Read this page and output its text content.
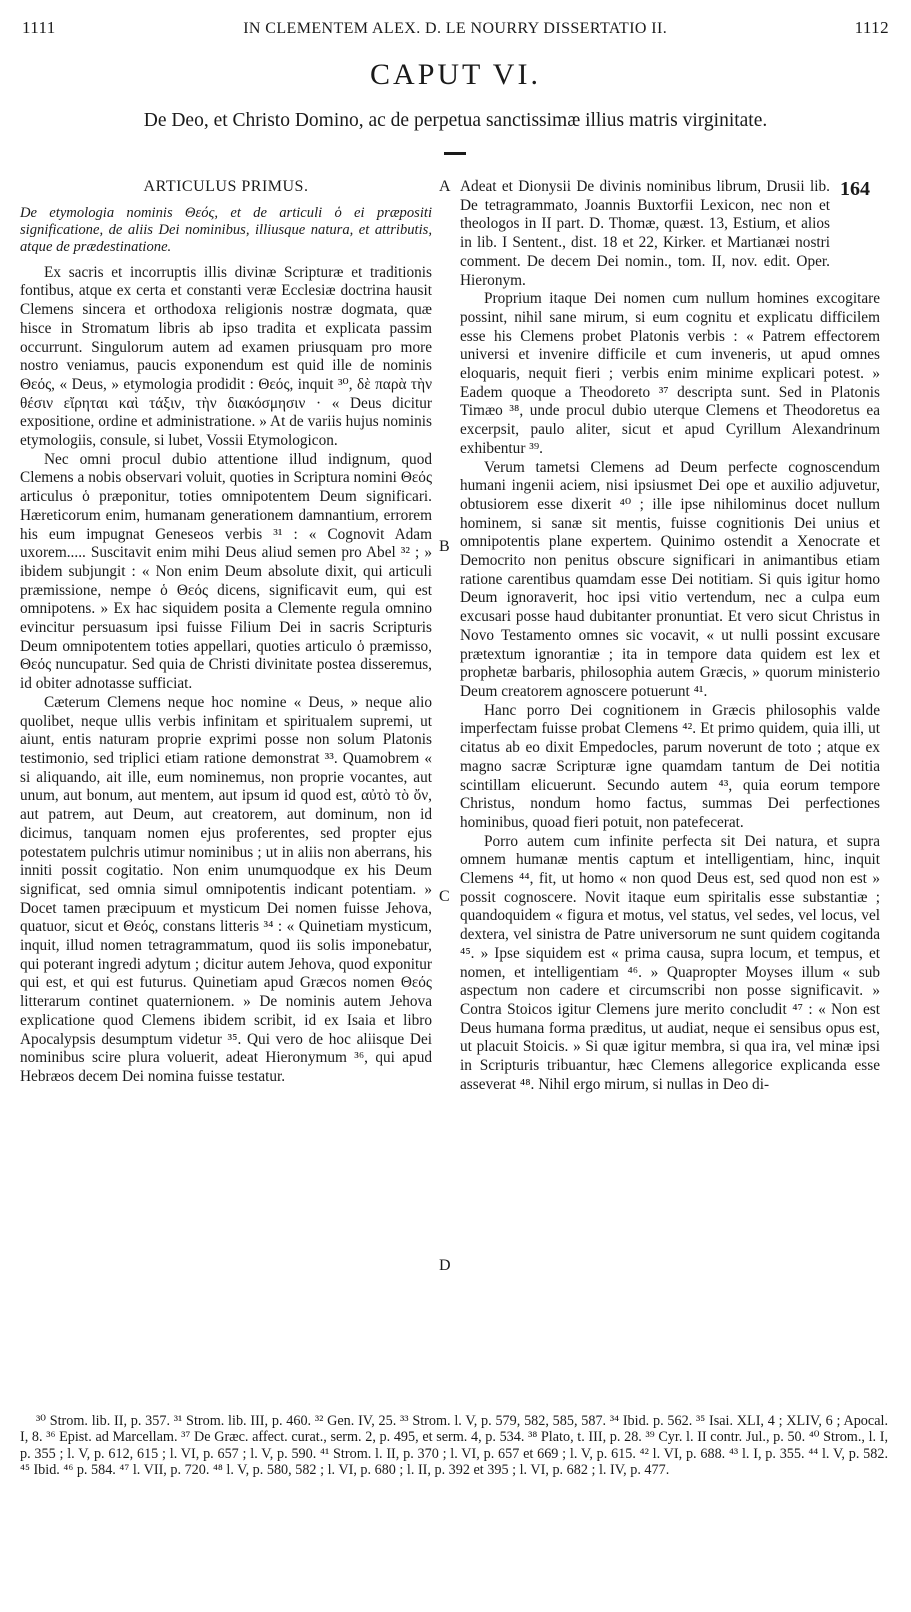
1111	IN CLEMENTEM ALEX. D. LE NOURRY DISSERTATIO II.	1112
CAPUT VI.
De Deo, et Christo Domino, ac de perpetua sanctissimæ illius matris virginitate.

ARTICULUS PRIMUS.

De etymologia nominis Θεός, et de articuli ὁ ei præpositi significatione, de aliis Dei nominibus, illiusque natura, et attributis, atque de prædestinatione.

Ex sacris et incorruptis illis divinæ Scripturæ et traditionis fontibus, atque ex certa et constanti veræ Ecclesiæ doctrina hausit Clemens sincera et orthodoxa religionis nostræ dogmata, quæ hisce in Stromatum libris ab ipso tradita et explicata passim occurrunt. Singulorum autem ad examen priusquam pro more nostro veniamus, paucis exponendum est quid ille de nominis Θεός, « Deus, » etymologia prodidit : Θεός, inquit ³⁰, δὲ παρὰ τὴν θέσιν εἴρηται καὶ τάξιν, τὴν διακόσμησιν · « Deus dicitur expositione, ordine et administratione. » At de variis hujus nominis etymologiis, consule, si lubet, Vossii Etymologicon.

Nec omni procul dubio attentione illud indignum, quod Clemens a nobis observari voluit, quoties in Scriptura nomini Θεός articulus ὁ præponitur, toties omnipotentem Deum significari. Hæreticorum enim, humanam generationem damnantium, errorem his eum impugnat Geneseos verbis ³¹ : « Cognovit Adam uxorem..... Suscitavit enim mihi Deus aliud semen pro Abel ³² ; » ibidem subjungit : « Non enim Deum absolute dixit, qui articuli præmissione, nempe ὁ Θεός dicens, significavit eum, qui est omnipotens. » Ex hac siquidem posita a Clemente regula omnino evincitur persuasum ipsi fuisse Filium Dei in sacris Scripturis Deum omnipotentem toties appellari, quoties articulo ὁ præmisso, Θεός nuncupatur. Sed quia de Christi divinitate postea disseremus, id obiter adnotasse sufficiat.

Cæterum Clemens neque hoc nomine « Deus, » neque alio quolibet, neque ullis verbis infinitam et spiritualem supremi, ut aiunt, entis naturam proprie exprimi posse non solum Platonis testimonio, sed triplici etiam ratione demonstrat ³³. Quamobrem « si aliquando, ait ille, eum nominemus, non proprie vocantes, aut unum, aut bonum, aut mentem, aut ipsum id quod est, αὐτὸ τὸ ὄν, aut patrem, aut Deum, aut creatorem, aut dominum, non id dicimus, tanquam nomen ejus proferentes, sed propter ejus potestatem pulchris utimur nominibus ; ut in aliis non aberrans, his inniti possit cogitatio. Non enim unumquodque ex his Deum significat, sed omnia simul omnipotentis indicant potentiam. » Docet tamen præcipuum et mysticum Dei nomen fuisse Jehova, quatuor, sicut et Θεός, constans litteris ³⁴ : « Quinetiam mysticum, inquit, illud nomen tetragrammatum, quod iis solis imponebatur, qui poterant ingredi adytum ; dicitur autem Jehova, quod exponitur qui est, et qui est futurus. Quinetiam apud Græcos nomen Θεός litterarum continet quaternionem. » De nominis autem Jehova explicatione quod Clemens ibidem scribit, id ex Isaia et libro Apocalypsis desumptum videtur ³⁵. Qui vero de hoc aliisque Dei nominibus scire plura voluerit, adeat Hieronymum ³⁶, qui apud Hebræos decem Dei nomina fuisse testatur.

A
B
C
D
164

Adeat et Dionysii De divinis nominibus librum, Drusii lib. De tetragrammato, Joannis Buxtorfii Lexicon, nec non et theologos in II part. D. Thomæ, quæst. 13, Estium, et alios in lib. I Sentent., dist. 18 et 22, Kirker. et Martianæi nostri comment. De decem Dei nomin., tom. II, nov. edit. Oper. Hieronym.

Proprium itaque Dei nomen cum nullum homines excogitare possint, nihil sane mirum, si eum cognitu et explicatu difficilem esse his Clemens probet Platonis verbis : « Patrem effectorem universi et invenire difficile et cum inveneris, ut apud omnes eloquaris, nequit fieri ; verbis enim minime explicari potest. » Eadem quoque a Theodoreto ³⁷ descripta sunt. Sed in Platonis Timæo ³⁸, unde procul dubio uterque Clemens et Theodoretus ea excerpsit, paulo aliter, sicut et apud Cyrillum Alexandrinum exhibentur ³⁹.

Verum tametsi Clemens ad Deum perfecte cognoscendum humani ingenii aciem, nisi ipsiusmet Dei ope et auxilio adjuvetur, obtusiorem esse dixerit ⁴⁰ ; ille ipse nihilominus docet nullum hominem, si sanæ sit mentis, fuisse cognitionis Dei unius et omnipotentis plane expertem. Quinimo ostendit a Xenocrate et Democrito non penitus obscure significari in animantibus etiam ratione carentibus quamdam esse Dei notitiam. Si quis igitur homo Deum ignoraverit, hoc ipsi vitio vertendum, nec a culpa eum excusari posse haud dubitanter pronuntiat. Et vero sicut Christus in Novo Testamento omnes sic vocavit, « ut nulli possint excusare prætextum ignorantiæ ; ita in tempore data quidem est lex et prophetæ barbaris, philosophia autem Græcis, » quorum ministerio Deum creatorem agnoscere potuerunt ⁴¹.

Hanc porro Dei cognitionem in Græcis philosophis valde imperfectam fuisse probat Clemens ⁴². Et primo quidem, quia illi, ut citatus ab eo dixit Empedocles, parum noverunt de toto ; atque ex magno sacræ Scripturæ igne quamdam tantum de Dei notitia scintillam elicuerunt. Secundo autem ⁴³, quia eorum tempore Christus, nondum homo factus, summas Dei perfectiones hominibus, quoad fieri potuit, non patefecerat.

Porro autem cum infinite perfecta sit Dei natura, et supra omnem humanæ mentis captum et intelligentiam, hinc, inquit Clemens ⁴⁴, fit, ut homo « non quod Deus est, sed quod non est » possit cognoscere. Novit itaque eum spiritalis esse substantiæ ; quandoquidem « figura et motus, vel status, vel sedes, vel locus, vel dextera, vel sinistra de Patre universorum ne sunt quidem cogitanda ⁴⁵. » Ipse siquidem est « prima causa, supra locum, et tempus, et nomen, et intelligentiam ⁴⁶. » Quapropter Moyses illum « sub aspectum non cadere et circumscribi non posse significavit. » Contra Stoicos igitur Clemens jure merito concludit ⁴⁷ : « Non est Deus humana forma præditus, ut audiat, neque ei sensibus opus est, ut placuit Stoicis. » Si quæ igitur membra, si qua ira, vel minæ ipsi in Scripturis tribuantur, hæc Clemens allegorice explicanda esse asseverat ⁴⁸. Nihil ergo mirum, si nullas in Deo di-

³⁰ Strom. lib. II, p. 357. ³¹ Strom. lib. III, p. 460. ³² Gen. IV, 25. ³³ Strom. l. V, p. 579, 582, 585, 587. ³⁴ Ibid. p. 562. ³⁵ Isai. XLI, 4 ; XLIV, 6 ; Apocal. I, 8. ³⁶ Epist. ad Marcellam. ³⁷ De Græc. affect. curat., serm. 2, p. 495, et serm. 4, p. 534. ³⁸ Plato, t. III, p. 28. ³⁹ Cyr. l. II contr. Jul., p. 50. ⁴⁰ Strom., l. I, p. 355 ; l. V, p. 612, 615 ; l. VI, p. 657 ; l. V, p. 590. ⁴¹ Strom. l. II, p. 370 ; l. VI, p. 657 et 669 ; l. V, p. 615. ⁴² l. VI, p. 688. ⁴³ l. I, p. 355. ⁴⁴ l. V, p. 582. ⁴⁵ Ibid. ⁴⁶ p. 584. ⁴⁷ l. VII, p. 720. ⁴⁸ l. V, p. 580, 582 ; l. VI, p. 680 ; l. II, p. 392 et 395 ; l. VI, p. 682 ; l. IV, p. 477.
